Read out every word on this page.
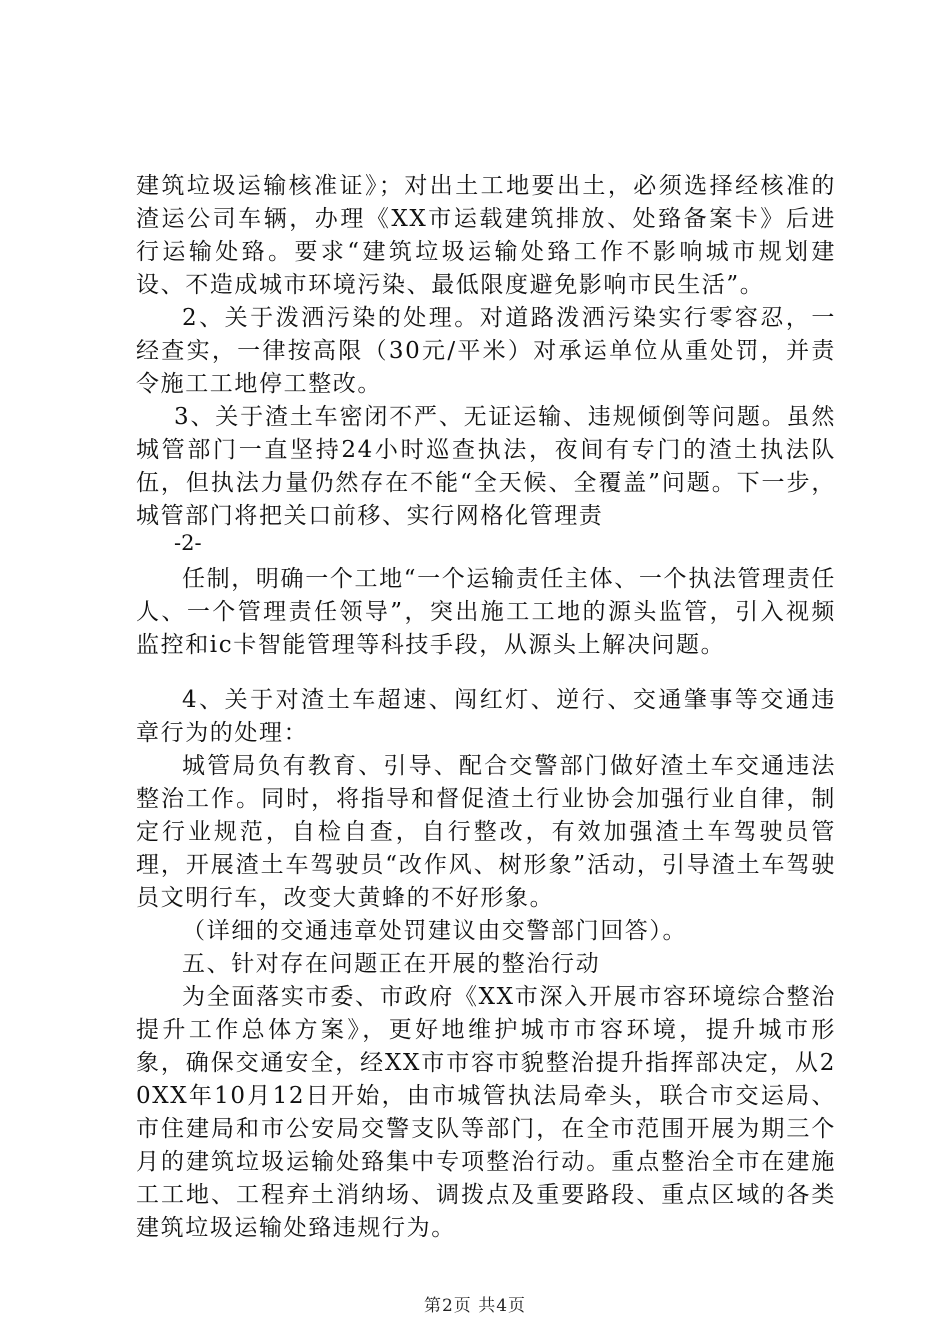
建筑垃圾运输核准证》；对出土工地要出土，必须选择经核准的渣运公司车辆，办理《XX市运载建筑排放、处臵备案卡》后进行运输处臵。要求“建筑垃圾运输处臵工作不影响城市规划建设、不造成城市环境污染、最低限度避免影响市民生活”。

2、关于泼洒污染的处理。对道路泼洒污染实行零容忍，一经查实，一律按高限（30元/平米）对承运单位从重处罚，并责令施工工地停工整改。

3、关于渣土车密闭不严、无证运输、违规倾倒等问题。虽然城管部门一直坚持24小时巡查执法，夜间有专门的渣土执法队伍，但执法力量仍然存在不能“全天候、全覆盖”问题。下一步，城管部门将把关口前移、实行网格化管理责

-2-

任制，明确一个工地“一个运输责任主体、一个执法管理责任人、一个管理责任领导”，突出施工工地的源头监管，引入视频监控和ic卡智能管理等科技手段，从源头上解决问题。

4、关于对渣土车超速、闯红灯、逆行、交通肇事等交通违章行为的处理：

城管局负有教育、引导、配合交警部门做好渣土车交通违法整治工作。同时，将指导和督促渣土行业协会加强行业自律，制定行业规范，自检自查，自行整改，有效加强渣土车驾驶员管理，开展渣土车驾驶员“改作风、树形象”活动，引导渣土车驾驶员文明行车，改变大黄蜂的不好形象。

（详细的交通违章处罚建议由交警部门回答）。

五、针对存在问题正在开展的整治行动

为全面落实市委、市政府《XX市深入开展市容环境综合整治提升工作总体方案》，更好地维护城市市容环境，提升城市形象，确保交通安全，经XX市市容市貌整治提升指挥部决定，从20XX年10月12日开始，由市城管执法局牵头，联合市交运局、市住建局和市公安局交警支队等部门，在全市范围开展为期三个月的建筑垃圾运输处臵集中专项整治行动。重点整治全市在建施工工地、工程弃土消纳场、调拨点及重要路段、重点区域的各类建筑垃圾运输处臵违规行为。

第2页 共4页
